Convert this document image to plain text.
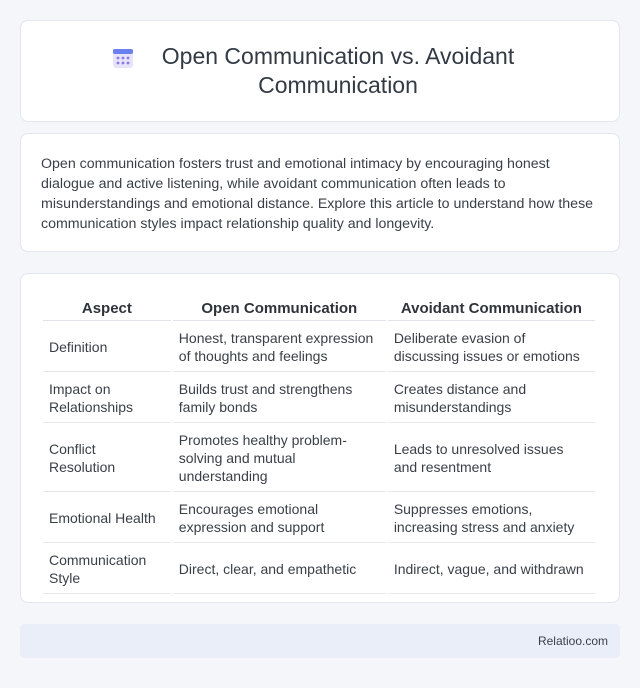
Open Communication vs. Avoidant Communication

Open communication fosters trust and emotional intimacy by encouraging honest dialogue and active listening, while avoidant communication often leads to misunderstandings and emotional distance. Explore this article to understand how these communication styles impact relationship quality and longevity.

Aspect	Open Communication	Avoidant Communication
Definition	Honest, transparent expression of thoughts and feelings	Deliberate evasion of discussing issues or emotions
Impact on Relationships	Builds trust and strengthens family bonds	Creates distance and misunderstandings
Conflict Resolution	Promotes healthy problem-solving and mutual understanding	Leads to unresolved issues and resentment
Emotional Health	Encourages emotional expression and support	Suppresses emotions, increasing stress and anxiety
Communication Style	Direct, clear, and empathetic	Indirect, vague, and withdrawn
Relatioo.com
